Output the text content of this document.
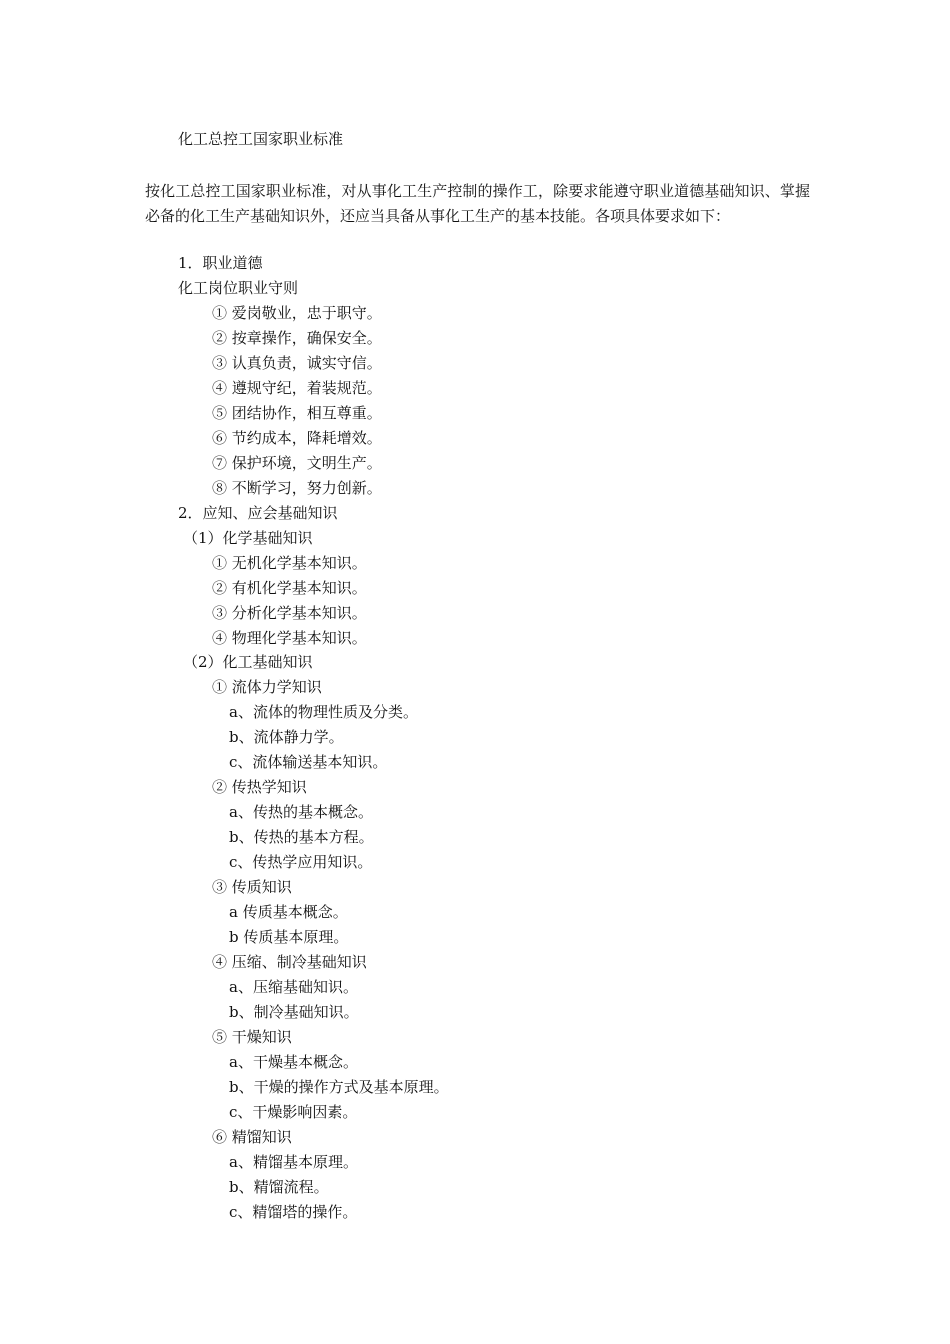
化工总控工国家职业标准
按化工总控工国家职业标准，对从事化工生产控制的操作工，除要求能遵守职业道德基础知识、掌握必备的化工生产基础知识外，还应当具备从事化工生产的基本技能。各项具体要求如下：
1．职业道德
化工岗位职业守则
① 爱岗敬业，忠于职守。
② 按章操作，确保安全。
③ 认真负责，诚实守信。
④ 遵规守纪，着装规范。
⑤ 团结协作，相互尊重。
⑥ 节约成本，降耗增效。
⑦ 保护环境，文明生产。
⑧ 不断学习，努力创新。
2．应知、应会基础知识
（1）化学基础知识
① 无机化学基本知识。
② 有机化学基本知识。
③ 分析化学基本知识。
④ 物理化学基本知识。
（2）化工基础知识
① 流体力学知识
a、流体的物理性质及分类。
b、流体静力学。
c、流体输送基本知识。
② 传热学知识
a、传热的基本概念。
b、传热的基本方程。
c、传热学应用知识。
③ 传质知识
a 传质基本概念。
b 传质基本原理。
④ 压缩、制冷基础知识
a、压缩基础知识。
b、制冷基础知识。
⑤ 干燥知识
a、干燥基本概念。
b、干燥的操作方式及基本原理。
c、干燥影响因素。
⑥ 精馏知识
a、精馏基本原理。
b、精馏流程。
c、精馏塔的操作。
